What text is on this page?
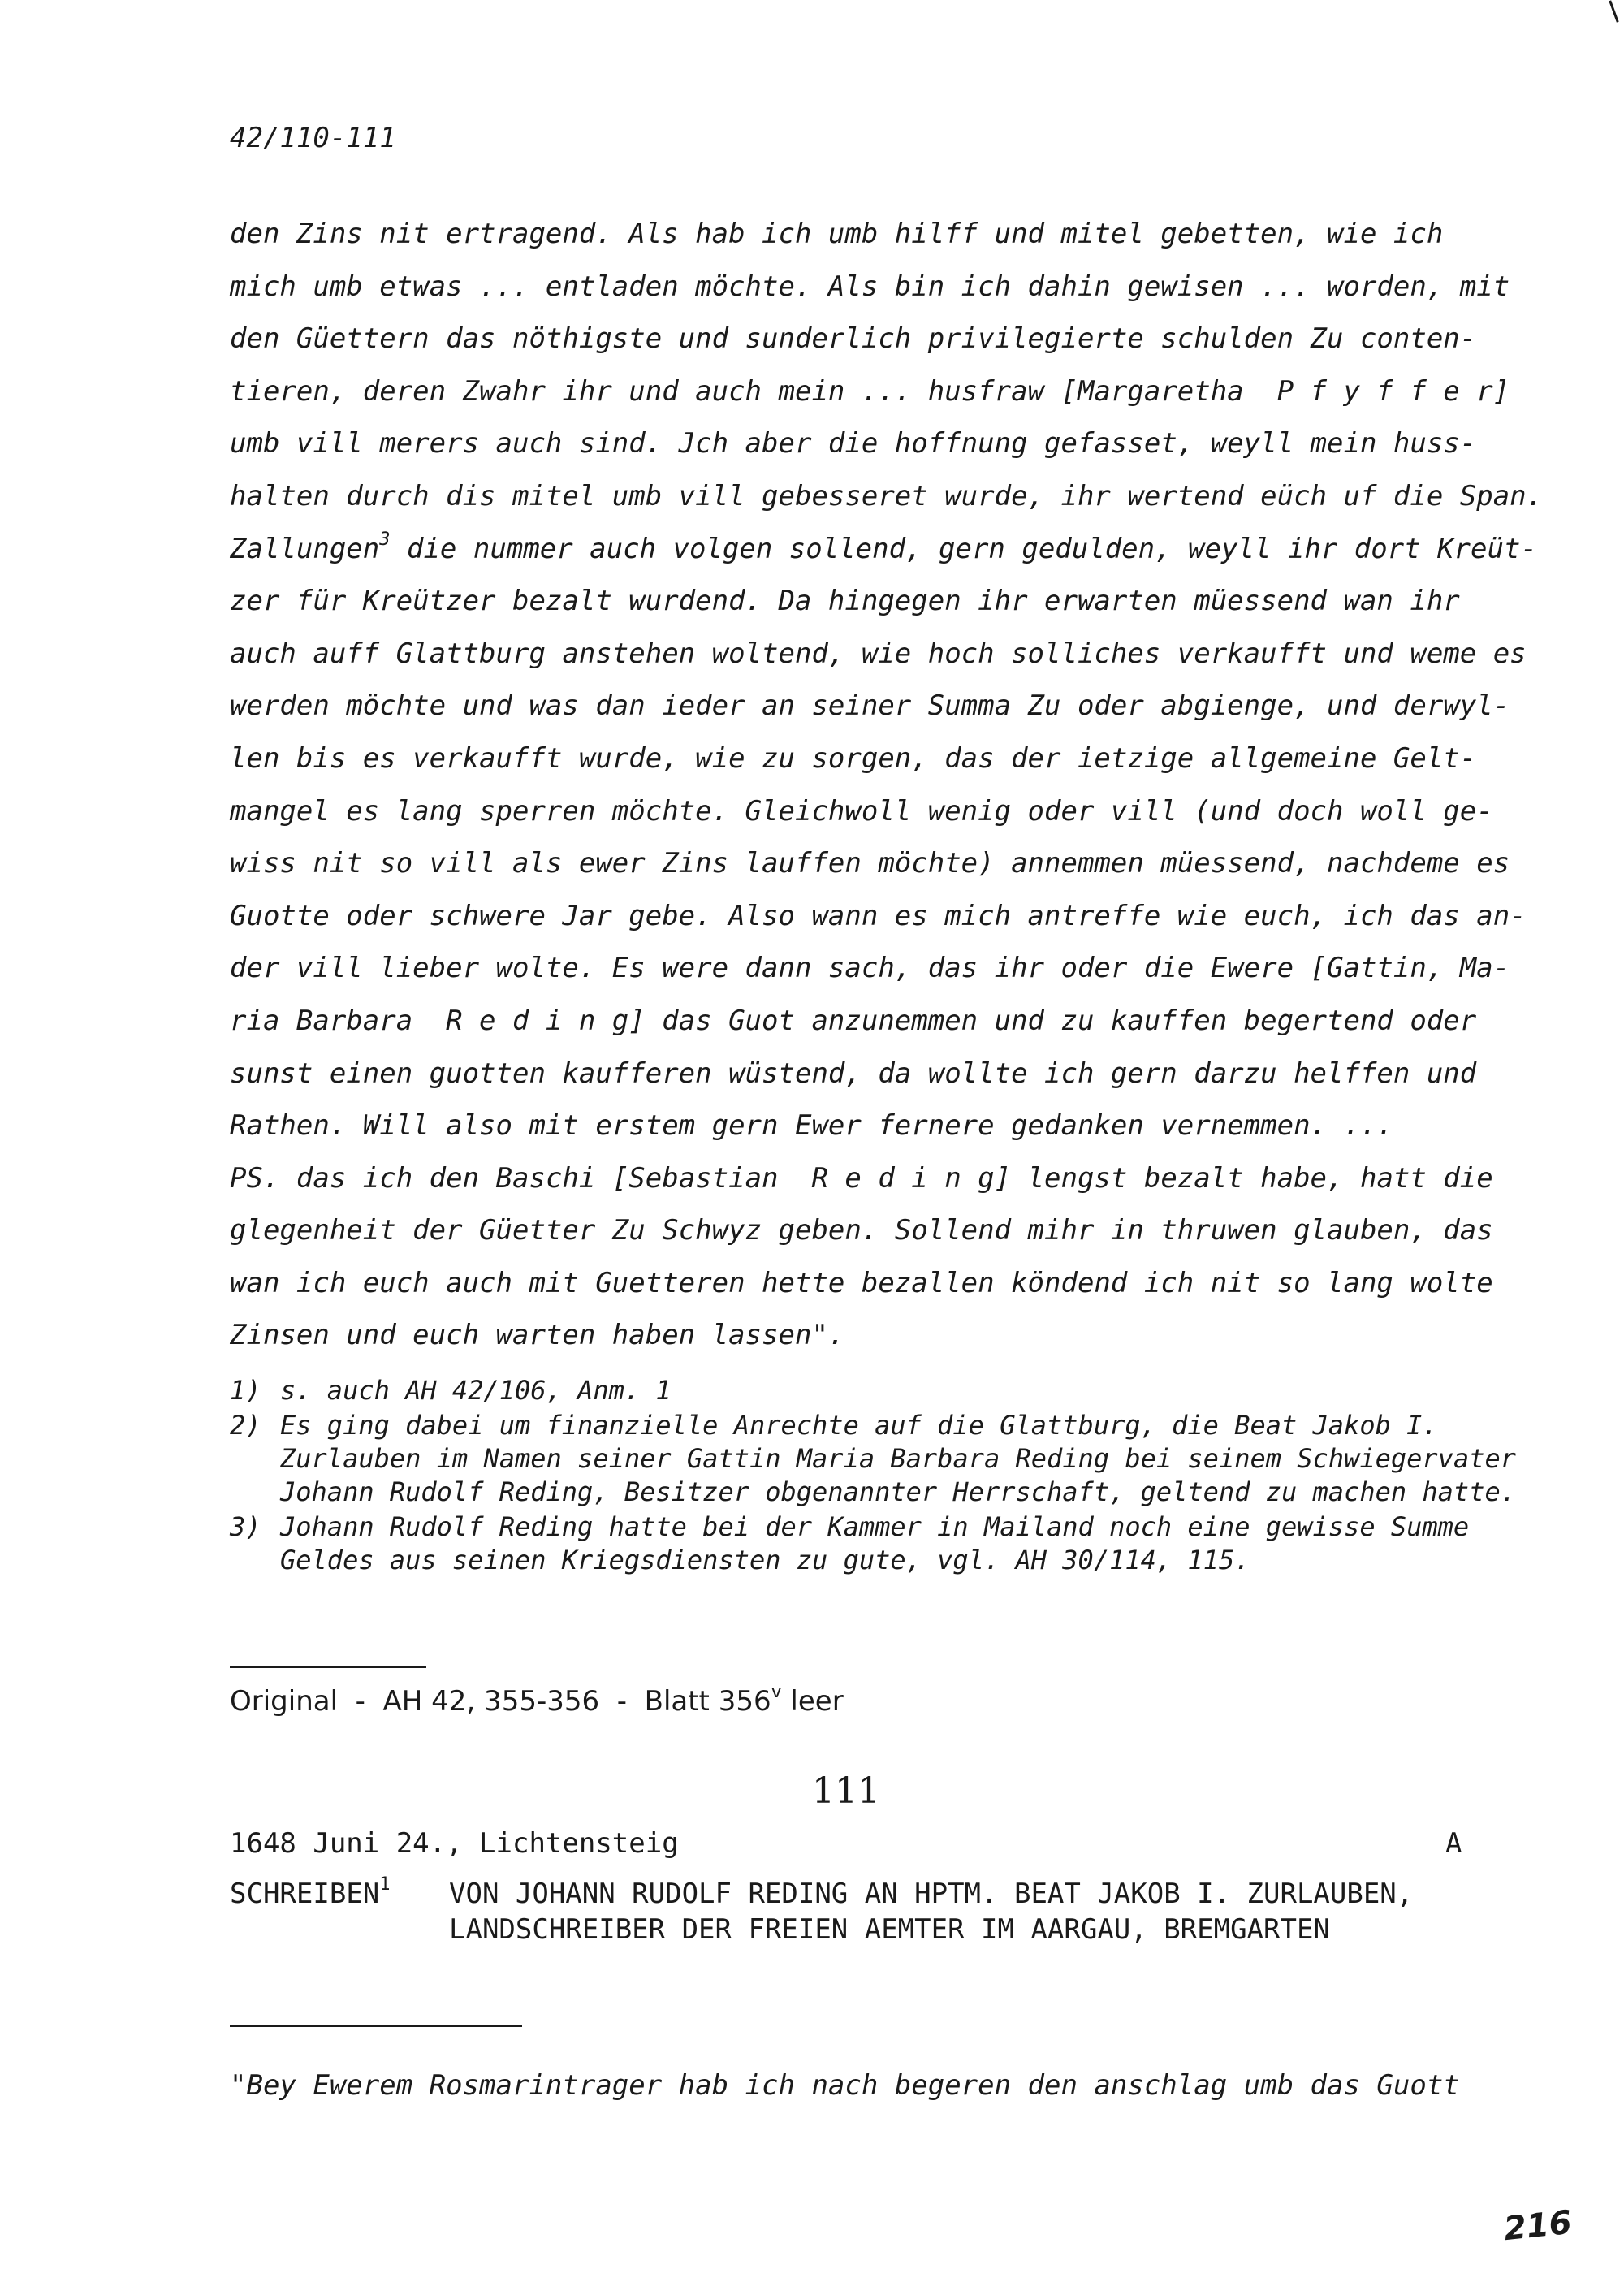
42/110-111

den Zins nit ertragend. Als hab ich umb hilff und mitel gebetten, wie ich
mich umb etwas ... entladen möchte. Als bin ich dahin gewisen ... worden, mit
den Güettern das nöthigste und sunderlich privilegierte schulden Zu conten-
tieren, deren Zwahr ihr und auch mein ... husfraw [Margaretha  P f y f f e r]
umb vill merers auch sind. Jch aber die hoffnung gefasset, weyll mein huss-
halten durch dis mitel umb vill gebesseret wurde, ihr wertend eüch uf die Span.
Zallungen$^3$ die nummer auch volgen sollend, gern gedulden, weyll ihr dort Kreüt-
zer für Kreützer bezalt wurdend. Da hingegen ihr erwarten müessend wan ihr
auch auff Glattburg anstehen woltend, wie hoch solliches verkaufft und weme es
werden möchte und was dan ieder an seiner Summa Zu oder abgienge, und derwyl-
len bis es verkaufft wurde, wie zu sorgen, das der ietzige allgemeine Gelt-
mangel es lang sperren möchte. Gleichwoll wenig oder vill (und doch woll ge-
wiss nit so vill als ewer Zins lauffen möchte) annemmen müessend, nachdeme es
Guotte oder schwere Jar gebe. Also wann es mich antreffe wie euch, ich das an-
der vill lieber wolte. Es were dann sach, das ihr oder die Ewere [Gattin, Ma-
ria Barbara  R e d i n g] das Guot anzunemmen und zu kauffen begertend oder
sunst einen guotten kaufferen wüstend, da wollte ich gern darzu helffen und
Rathen. Will also mit erstem gern Ewer fernere gedanken vernemmen. ...
PS. das ich den Baschi [Sebastian  R e d i n g] lengst bezalt habe, hatt die
glegenheit der Güetter Zu Schwyz geben. Sollend mihr in thruwen glauben, das
wan ich euch auch mit Guetteren hette bezallen köndend ich nit so lang wolte
Zinsen und euch warten haben lassen".
1) s. auch AH 42/106, Anm. 1
2) Es ging dabei um finanzielle Anrechte auf die Glattburg, die Beat Jakob I. Zurlauben im Namen seiner Gattin Maria Barbara Reding bei seinem Schwiegervater Johann Rudolf Reding, Besitzer obgenannter Herrschaft, geltend zu machen hatte.
3) Johann Rudolf Reding hatte bei der Kammer in Mailand noch eine gewisse Summe Geldes aus seinen Kriegsdiensten zu gute, vgl. AH 30/114, 115.

Original  -  AH 42, 355-356  -  Blatt 356$^v$ leer

111

1648 Juni 24., Lichtensteig	A

SCHREIBEN$^1$ VON JOHANN RUDOLF REDING AN HPTM. BEAT JAKOB I. ZURLAUBEN, LANDSCHREIBER DER FREIEN AEMTER IM AARGAU, BREMGARTEN

"Bey Ewerem Rosmarintrager hab ich nach begeren den anschlag umb das Guott

216
